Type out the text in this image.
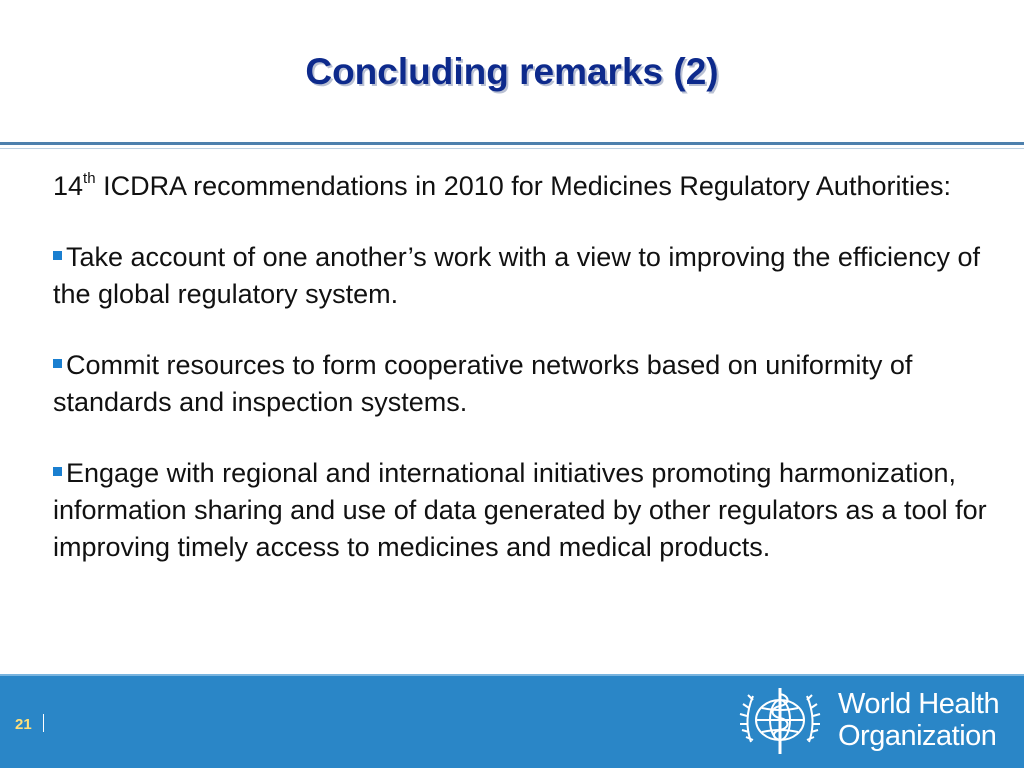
Concluding remarks (2)

14th ICDRA recommendations in 2010 for Medicines Regulatory Authorities:

Take account of one another’s work with a view to improving the efficiency of the global regulatory system.

Commit resources to form cooperative networks based on uniformity of standards and inspection systems.

Engage with regional and international initiatives promoting harmonization, information sharing and use of data generated by other regulators as a tool for improving timely access to medicines and medical products.

21
World Health
Organization
